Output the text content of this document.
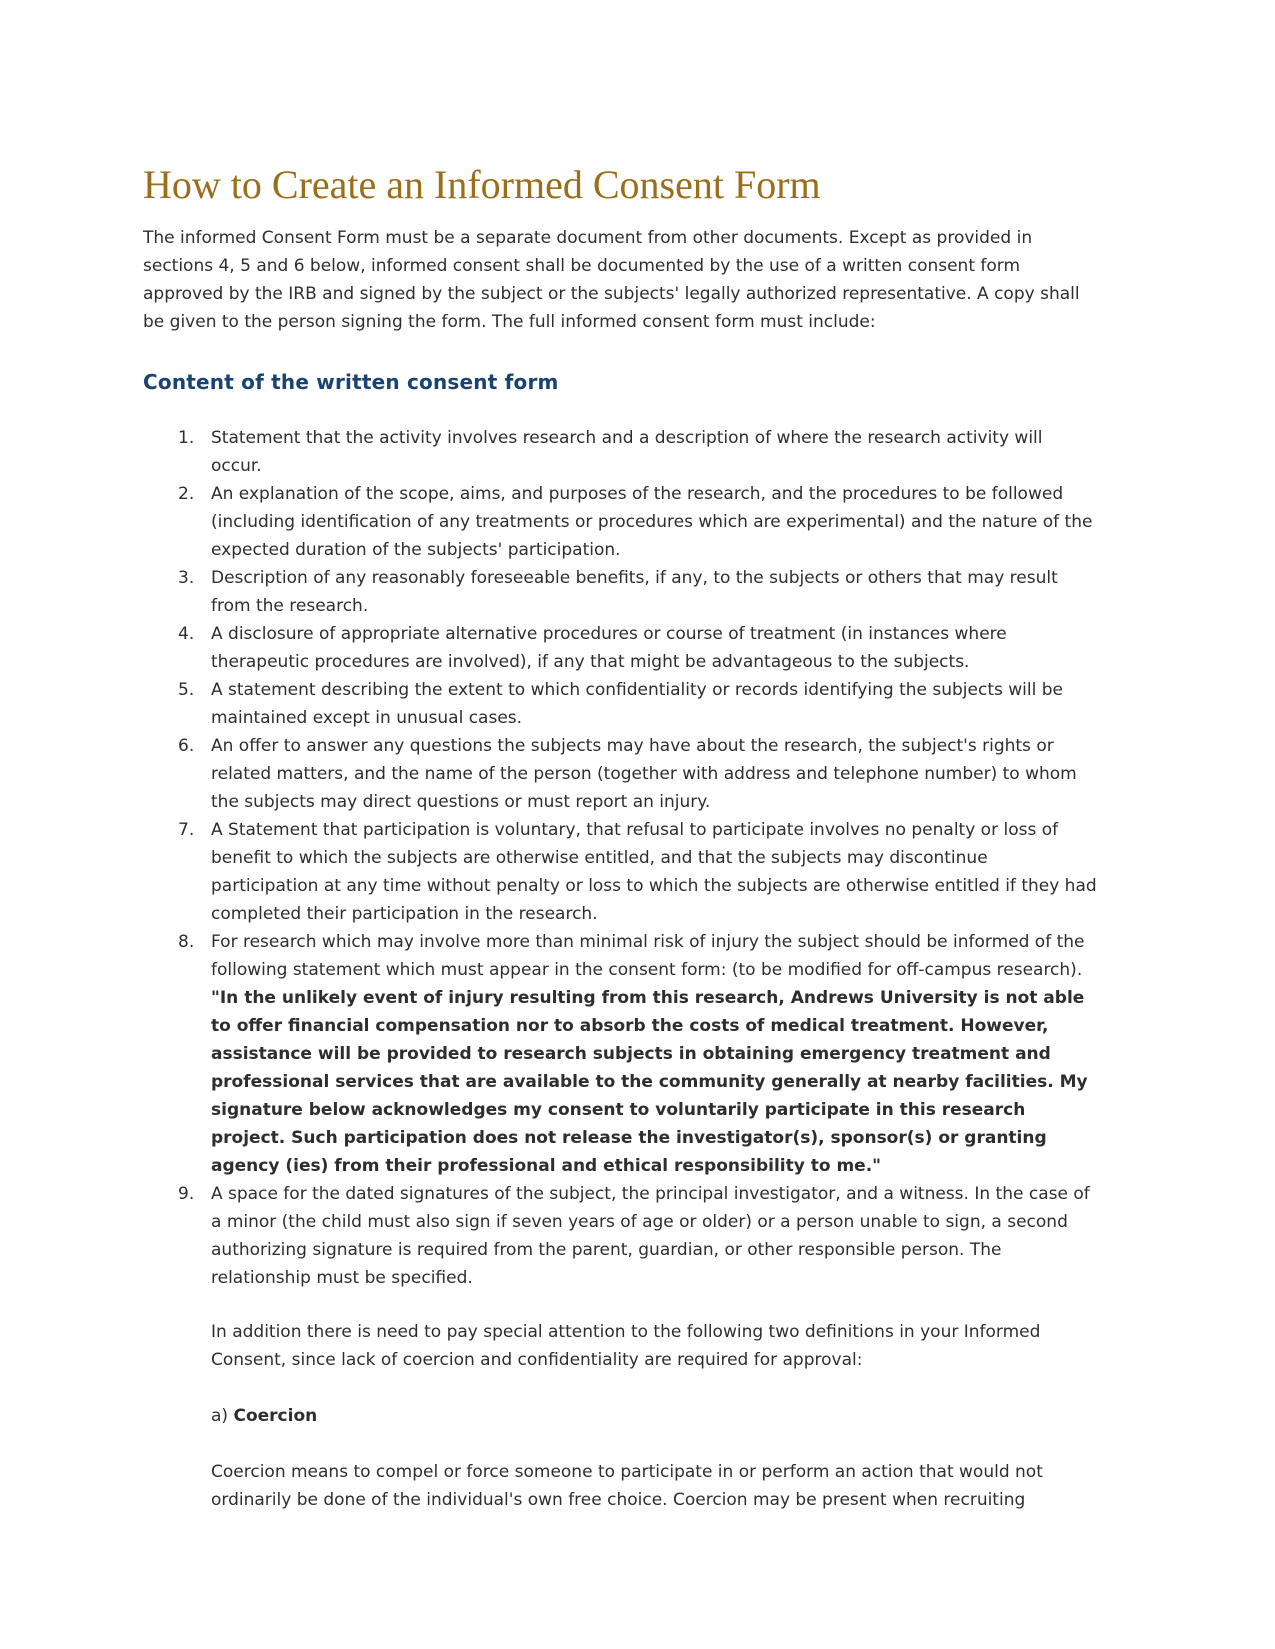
How to Create an Informed Consent Form

The informed Consent Form must be a separate document from other documents. Except as provided in sections 4, 5 and 6 below, informed consent shall be documented by the use of a written consent form approved by the IRB and signed by the subject or the subjects' legally authorized representative. A copy shall be given to the person signing the form. The full informed consent form must include:

Content of the written consent form
1. Statement that the activity involves research and a description of where the research activity will occur.
2. An explanation of the scope, aims, and purposes of the research, and the procedures to be followed (including identification of any treatments or procedures which are experimental) and the nature of the expected duration of the subjects' participation.
3. Description of any reasonably foreseeable benefits, if any, to the subjects or others that may result from the research.
4. A disclosure of appropriate alternative procedures or course of treatment (in instances where therapeutic procedures are involved), if any that might be advantageous to the subjects.
5. A statement describing the extent to which confidentiality or records identifying the subjects will be maintained except in unusual cases.
6. An offer to answer any questions the subjects may have about the research, the subject's rights or related matters, and the name of the person (together with address and telephone number) to whom the subjects may direct questions or must report an injury.
7. A Statement that participation is voluntary, that refusal to participate involves no penalty or loss of benefit to which the subjects are otherwise entitled, and that the subjects may discontinue participation at any time without penalty or loss to which the subjects are otherwise entitled if they had completed their participation in the research.
8. For research which may involve more than minimal risk of injury the subject should be informed of the following statement which must appear in the consent form: (to be modified for off-campus research). "In the unlikely event of injury resulting from this research, Andrews University is not able to offer financial compensation nor to absorb the costs of medical treatment. However, assistance will be provided to research subjects in obtaining emergency treatment and professional services that are available to the community generally at nearby facilities. My signature below acknowledges my consent to voluntarily participate in this research project. Such participation does not release the investigator(s), sponsor(s) or granting agency (ies) from their professional and ethical responsibility to me."
9. A space for the dated signatures of the subject, the principal investigator, and a witness. In the case of a minor (the child must also sign if seven years of age or older) or a person unable to sign, a second authorizing signature is required from the parent, guardian, or other responsible person. The relationship must be specified.

In addition there is need to pay special attention to the following two definitions in your Informed Consent, since lack of coercion and confidentiality are required for approval:

a) Coercion

Coercion means to compel or force someone to participate in or perform an action that would not ordinarily be done of the individual's own free choice. Coercion may be present when recruiting
